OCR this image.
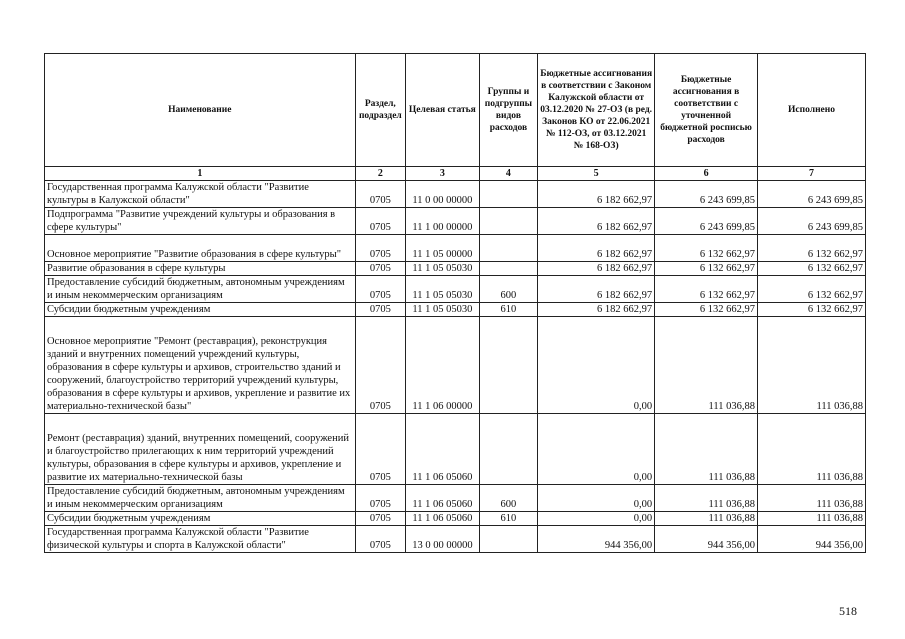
Наименование	Раздел, подраздел	Целевая статья	Группы и подгруппы видов расходов	Бюджетные ассигнования в соответствии с Законом Калужской области от 03.12.2020 № 27-ОЗ (в ред. Законов КО от 22.06.2021 № 112-ОЗ, от 03.12.2021 № 168-ОЗ)	Бюджетные ассигнования в соответствии с уточненной бюджетной росписью расходов	Исполнено
1	2	3	4	5	6	7
Государственная программа Калужской области "Развитие культуры в Калужской области"	0705	11 0 00 00000		6 182 662,97	6 243 699,85	6 243 699,85
Подпрограмма "Развитие учреждений культуры и образования в сфере культуры"	0705	11 1 00 00000		6 182 662,97	6 243 699,85	6 243 699,85
Основное мероприятие "Развитие образования в сфере культуры"	0705	11 1 05 00000		6 182 662,97	6 132 662,97	6 132 662,97
Развитие образования в сфере культуры	0705	11 1 05 05030		6 182 662,97	6 132 662,97	6 132 662,97
Предоставление субсидий бюджетным, автономным учреждениям и иным некоммерческим организациям	0705	11 1 05 05030	600	6 182 662,97	6 132 662,97	6 132 662,97
Субсидии бюджетным учреждениям	0705	11 1 05 05030	610	6 182 662,97	6 132 662,97	6 132 662,97
Основное мероприятие "Ремонт (реставрация), реконструкция зданий и внутренних помещений учреждений культуры, образования в сфере культуры и архивов, строительство зданий и сооружений, благоустройство территорий учреждений культуры, образования в сфере культуры и архивов, укрепление и развитие их материально-технической базы"	0705	11 1 06 00000		0,00	111 036,88	111 036,88
Ремонт (реставрация) зданий, внутренних помещений, сооружений и благоустройство прилегающих к ним территорий учреждений культуры, образования в сфере культуры и архивов, укрепление и развитие их материально-технической базы	0705	11 1 06 05060		0,00	111 036,88	111 036,88
Предоставление субсидий бюджетным, автономным учреждениям и иным некоммерческим организациям	0705	11 1 06 05060	600	0,00	111 036,88	111 036,88
Субсидии бюджетным учреждениям	0705	11 1 06 05060	610	0,00	111 036,88	111 036,88
Государственная программа Калужской области "Развитие физической культуры и спорта в Калужской области"	0705	13 0 00 00000		944 356,00	944 356,00	944 356,00
518
